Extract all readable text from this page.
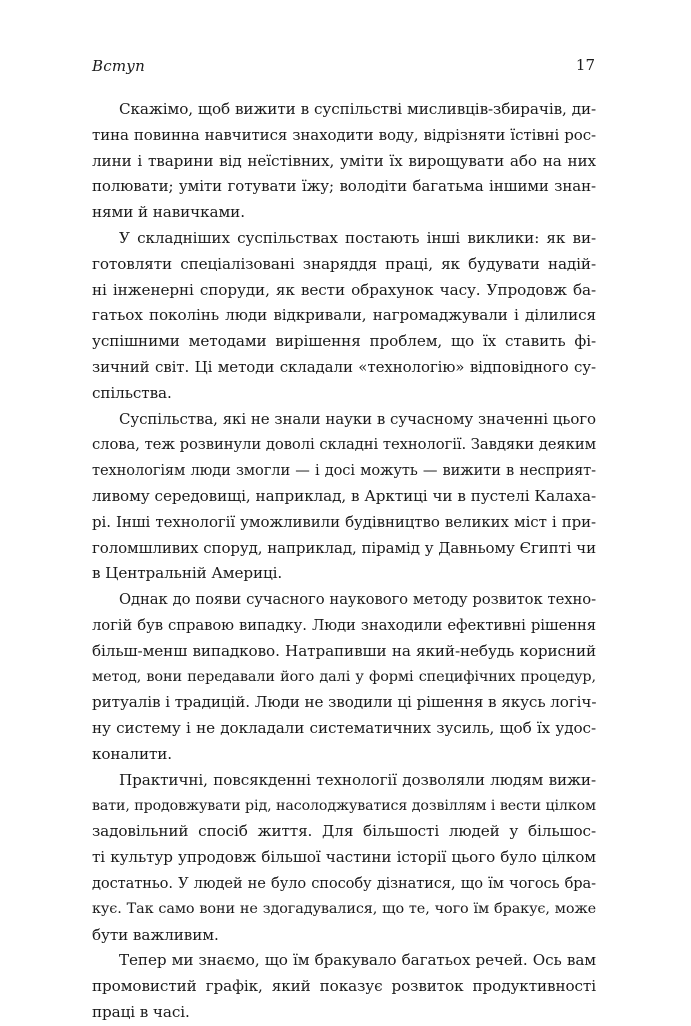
Вступ	17

Скажімо, щоб вижити в суспільстві мисливців-збирачів, ди-
тина повинна навчитися знаходити воду, відрізняти їстівні рос-
лини і тварини від неїстівних, уміти їх вирощувати або на них
полювати; уміти готувати їжу; володіти багатьма іншими знан-
нями й навичками.

У складніших суспільствах постають інші виклики: як ви-
готовляти спеціалізовані знаряддя праці, як будувати надій-
ні інженерні споруди, як вести обрахунок часу. Упродовж ба-
гатьох поколінь люди відкривали, нагромаджували і ділилися
успішними методами вирішення проблем, що їх ставить фі-
зичний світ. Ці методи складали «технологію» відповідного су-
спільства.

Суспільства, які не знали науки в сучасному значенні цього
слова, теж розвинули доволі складні технології. Завдяки деяким
технологіям люди змогли — і досі можуть — вижити в несприят-
ливому середовищі, наприклад, в Арктиці чи в пустелі Калаха-
рі. Інші технології уможливили будівництво великих міст і при-
голомшливих споруд, наприклад, пірамід у Давньому Єгипті чи
в Центральній Америці.

Однак до появи сучасного наукового методу розвиток техно-
логій був справою випадку. Люди знаходили ефективні рішення
більш-менш випадково. Натрапивши на який-небудь корисний
метод, вони передавали його далі у формі специфічних процедур,
ритуалів і традицій. Люди не зводили ці рішення в якусь логіч-
ну систему і не докладали систематичних зусиль, щоб їх удос-
коналити.

Практичні, повсякденні технології дозволяли людям вижи-
вати, продовжувати рід, насолоджуватися дозвіллям і вести цілком
задовільний спосіб життя. Для більшості людей у більшос-
ті культур упродовж більшої частини історії цього було цілком
достатньо. У людей не було способу дізнатися, що їм чогось бра-
кує. Так само вони не здогадувалися, що те, чого їм бракує, може
бути важливим.

Тепер ми знаємо, що їм бракувало багатьох речей. Ось вам
промовистий графік, який показує розвиток продуктивності
праці в часі.
